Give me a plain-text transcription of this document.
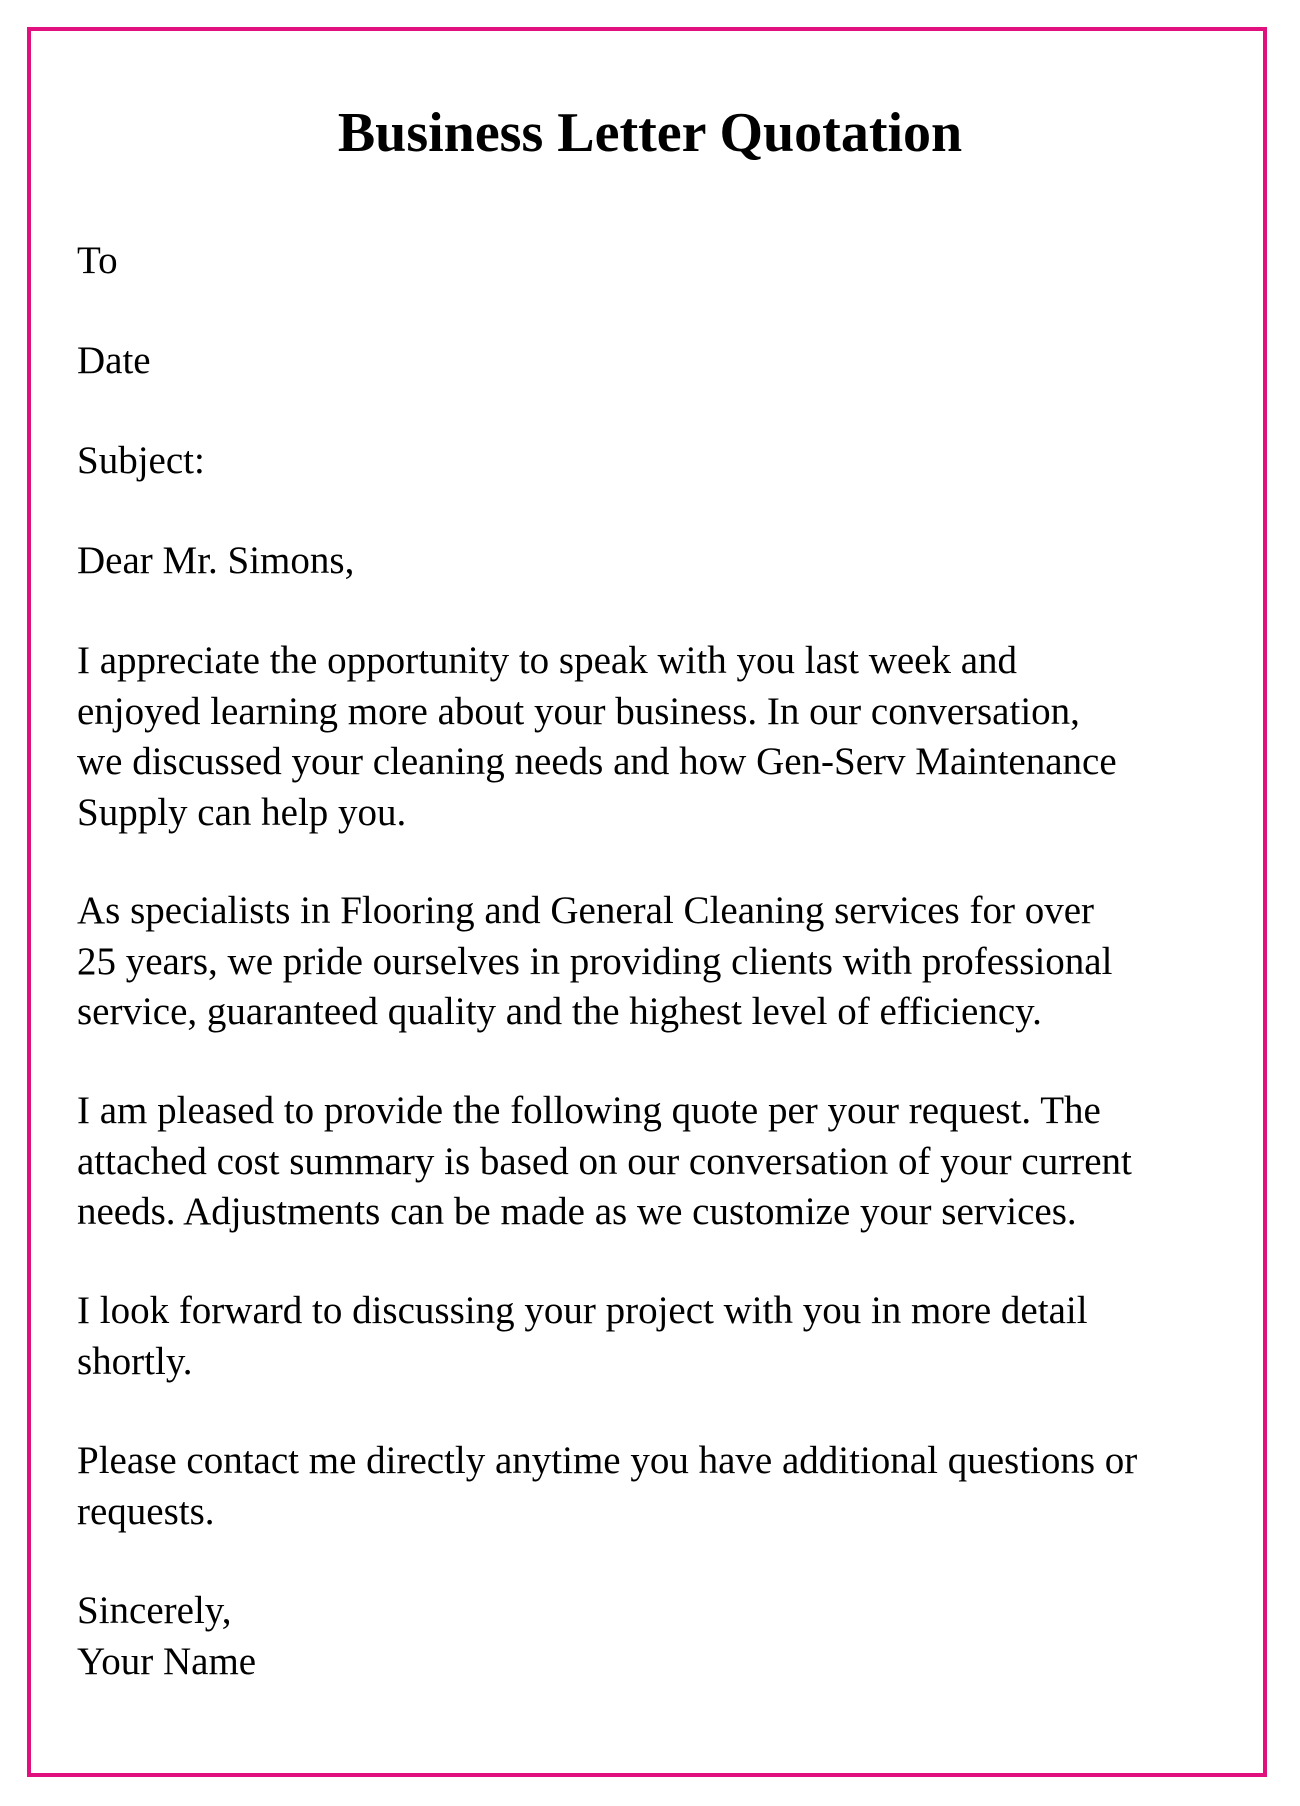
Business Letter Quotation
To
Date
Subject:
Dear Mr. Simons,
I appreciate the opportunity to speak with you last week and
enjoyed learning more about your business. In our conversation,
we discussed your cleaning needs and how Gen-Serv Maintenance
Supply can help you.
As specialists in Flooring and General Cleaning services for over
25 years, we pride ourselves in providing clients with professional
service, guaranteed quality and the highest level of efficiency.
I am pleased to provide the following quote per your request. The
attached cost summary is based on our conversation of your current
needs. Adjustments can be made as we customize your services.
I look forward to discussing your project with you in more detail
shortly.
Please contact me directly anytime you have additional questions or
requests.
Sincerely,
Your Name
